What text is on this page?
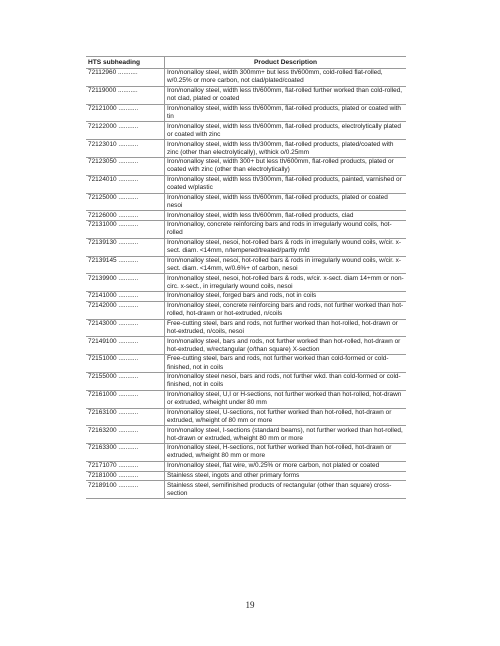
HTS subheading	Product Description
72112960 ...........	Iron/nonalloy steel, width 300mm+ but less th/600mm, cold-rolled flat-rolled, w/0.25% or more carbon, not clad/plated/coated
72119000 ...........	Iron/nonalloy steel, width less th/600mm, flat-rolled further worked than cold-rolled, not clad, plated or coated
72121000 ...........	Iron/nonalloy steel, width less th/600mm, flat-rolled products, plated or coated with tin
72122000 ...........	Iron/nonalloy steel, width less th/600mm, flat-rolled products, electrolytically plated or coated with zinc
72123010 ...........	Iron/nonalloy steel, width less th/300mm, flat-rolled products, plated/coated with zinc (other than electrolytically), w/thick o/0.25mm
72123050 ...........	Iron/nonalloy steel, width 300+ but less th/600mm, flat-rolled products, plated or coated with zinc (other than electrolytically)
72124010 ...........	Iron/nonalloy steel, width less th/300mm, flat-rolled products, painted, varnished or coated w/plastic
72125000 ...........	Iron/nonalloy steel, width less th/600mm, flat-rolled products, plated or coated nesoi
72126000 ...........	Iron/nonalloy steel, width less th/600mm, flat-rolled products, clad
72131000 ...........	Iron/nonalloy, concrete reinforcing bars and rods in irregularly wound coils, hot-rolled
72139130 ...........	Iron/nonalloy steel, nesoi, hot-rolled bars & rods in irregularly wound coils, w/cir. x-sect. diam. <14mm, n/tempered/treated/partly mfd
72139145 ...........	Iron/nonalloy steel, nesoi, hot-rolled bars & rods in irregularly wound coils, w/cir. x-sect. diam. <14mm, w/0.6%+ of carbon, nesoi
72139900 ...........	Iron/nonalloy steel, nesoi, hot-rolled bars & rods, w/cir. x-sect. diam 14+mm or non-circ. x-sect., in irregularly wound coils, nesoi
72141000 ...........	Iron/nonalloy steel, forged bars and rods, not in coils
72142000 ...........	Iron/nonalloy steel, concrete reinforcing bars and rods, not further worked than hot-rolled, hot-drawn or hot-extruded, n/coils
72143000 ...........	Free-cutting steel, bars and rods, not further worked than hot-rolled, hot-drawn or hot-extruded, n/coils, nesoi
72149100 ...........	Iron/nonalloy steel, bars and rods, not further worked than hot-rolled, hot-drawn or hot-extruded, w/rectangular (o/than square) X-section
72151000 ...........	Free-cutting steel, bars and rods, not further worked than cold-formed or cold-finished, not in coils
72155000 ...........	Iron/nonalloy steel nesoi, bars and rods, not further wkd. than cold-formed or cold-finished, not in coils
72161000 ...........	Iron/nonalloy steel, U,I or H-sections, not further worked than hot-rolled, hot-drawn or extruded, w/height under 80 mm
72163100 ...........	Iron/nonalloy steel, U-sections, not further worked than hot-rolled, hot-drawn or extruded, w/height of 80 mm or more
72163200 ...........	Iron/nonalloy steel, I-sections (standard beams), not further worked than hot-rolled, hot-drawn or extruded, w/height 80 mm or more
72163300 ...........	Iron/nonalloy steel, H-sections, not further worked than hot-rolled, hot-drawn or extruded, w/height 80 mm or more
72171070 ...........	Iron/nonalloy steel, flat wire, w/0.25% or more carbon, not plated or coated
72181000 ...........	Stainless steel, ingots and other primary forms
72189100 ...........	Stainless steel, semifinished products of rectangular (other than square) cross-section
19
